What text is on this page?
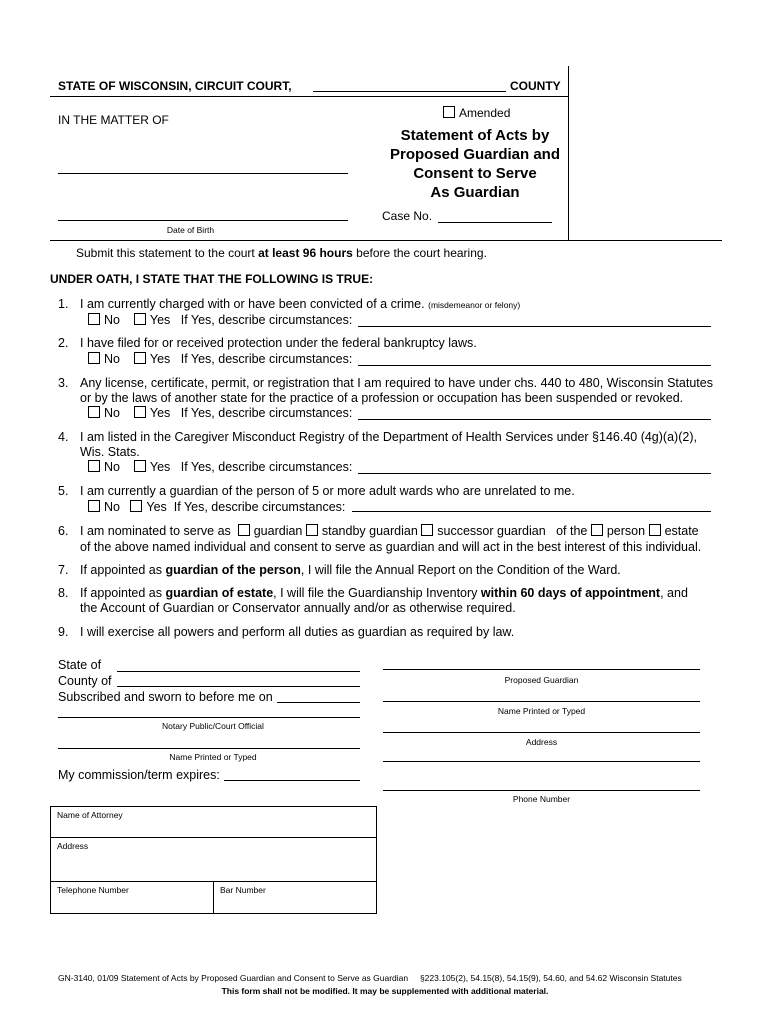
STATE OF WISCONSIN, CIRCUIT COURT,	COUNTY
IN THE MATTER OF
Date of Birth
Amended
Statement of Acts by
Proposed Guardian and
Consent to Serve
As Guardian
Case No.
Submit this statement to the court at least 96 hours before the court hearing.
UNDER OATH, I STATE THAT THE FOLLOWING IS TRUE:
1. I am currently charged with or have been convicted of a crime. (misdemeanor or felony)
No Yes If Yes, describe circumstances:
2. I have filed for or received protection under the federal bankruptcy laws.
No Yes If Yes, describe circumstances:
3. Any license, certificate, permit, or registration that I am required to have under chs. 440 to 480, Wisconsin Statutes
or by the laws of another state for the practice of a profession or occupation has been suspended or revoked.
No Yes If Yes, describe circumstances:
4. I am listed in the Caregiver Misconduct Registry of the Department of Health Services under §146.40 (4g)(a)(2),
Wis. Stats.
No Yes If Yes, describe circumstances:
5. I am currently a guardian of the person of 5 or more adult wards who are unrelated to me.
No Yes If Yes, describe circumstances:
6. I am nominated to serve as guardian standby guardian successor guardian of the person estate
of the above named individual and consent to serve as guardian and will act in the best interest of this individual.
7. If appointed as guardian of the person, I will file the Annual Report on the Condition of the Ward.
8. If appointed as guardian of estate, I will file the Guardianship Inventory within 60 days of appointment, and
the Account of Guardian or Conservator annually and/or as otherwise required.
9. I will exercise all powers and perform all duties as guardian as required by law.
State of
County of
Subscribed and sworn to before me on
Notary Public/Court Official
Name Printed or Typed
My commission/term expires:
Proposed Guardian
Name Printed or Typed
Address
Phone Number
Name of Attorney
Address
Telephone Number	Bar Number
GN-3140, 01/09 Statement of Acts by Proposed Guardian and Consent to Serve as Guardian §223.105(2), 54.15(8), 54.15(9), 54.60, and 54.62 Wisconsin Statutes
This form shall not be modified. It may be supplemented with additional material.
